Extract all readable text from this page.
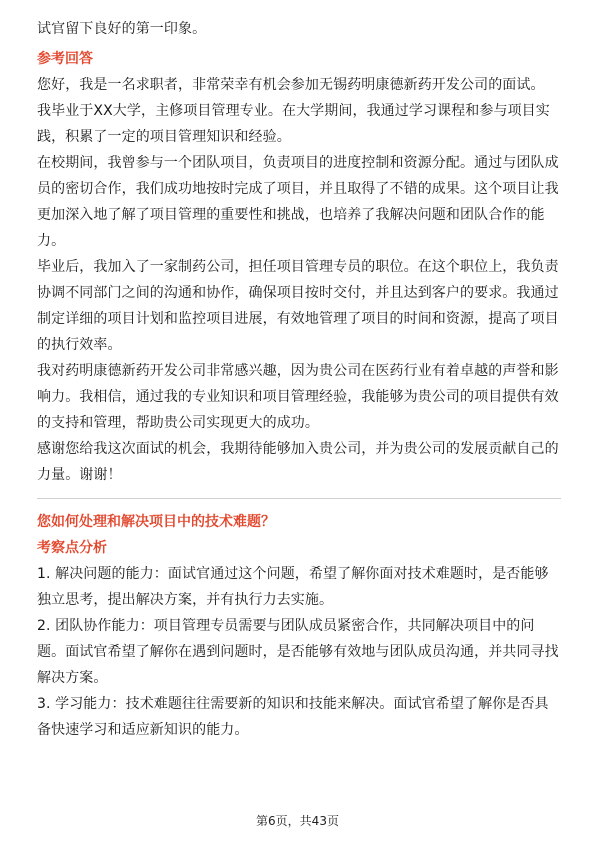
试官留下良好的第一印象。

参考回答

您好，我是一名求职者，非常荣幸有机会参加无锡药明康德新药开发公司的面试。

我毕业于XX大学，主修项目管理专业。在大学期间，我通过学习课程和参与项目实践，积累了一定的项目管理知识和经验。

在校期间，我曾参与一个团队项目，负责项目的进度控制和资源分配。通过与团队成员的密切合作，我们成功地按时完成了项目，并且取得了不错的成果。这个项目让我更加深入地了解了项目管理的重要性和挑战，也培养了我解决问题和团队合作的能力。

毕业后，我加入了一家制药公司，担任项目管理专员的职位。在这个职位上，我负责协调不同部门之间的沟通和协作，确保项目按时交付，并且达到客户的要求。我通过制定详细的项目计划和监控项目进展，有效地管理了项目的时间和资源，提高了项目的执行效率。

我对药明康德新药开发公司非常感兴趣，因为贵公司在医药行业有着卓越的声誉和影响力。我相信，通过我的专业知识和项目管理经验，我能够为贵公司的项目提供有效的支持和管理，帮助贵公司实现更大的成功。

感谢您给我这次面试的机会，我期待能够加入贵公司，并为贵公司的发展贡献自己的力量。谢谢！

您如何处理和解决项目中的技术难题？
考察点分析

1. 解决问题的能力：面试官通过这个问题，希望了解你面对技术难题时，是否能够独立思考，提出解决方案，并有执行力去实施。

2. 团队协作能力：项目管理专员需要与团队成员紧密合作，共同解决项目中的问题。面试官希望了解你在遇到问题时，是否能够有效地与团队成员沟通，并共同寻找解决方案。

3. 学习能力：技术难题往往需要新的知识和技能来解决。面试官希望了解你是否具备快速学习和适应新知识的能力。

第6页，共43页
